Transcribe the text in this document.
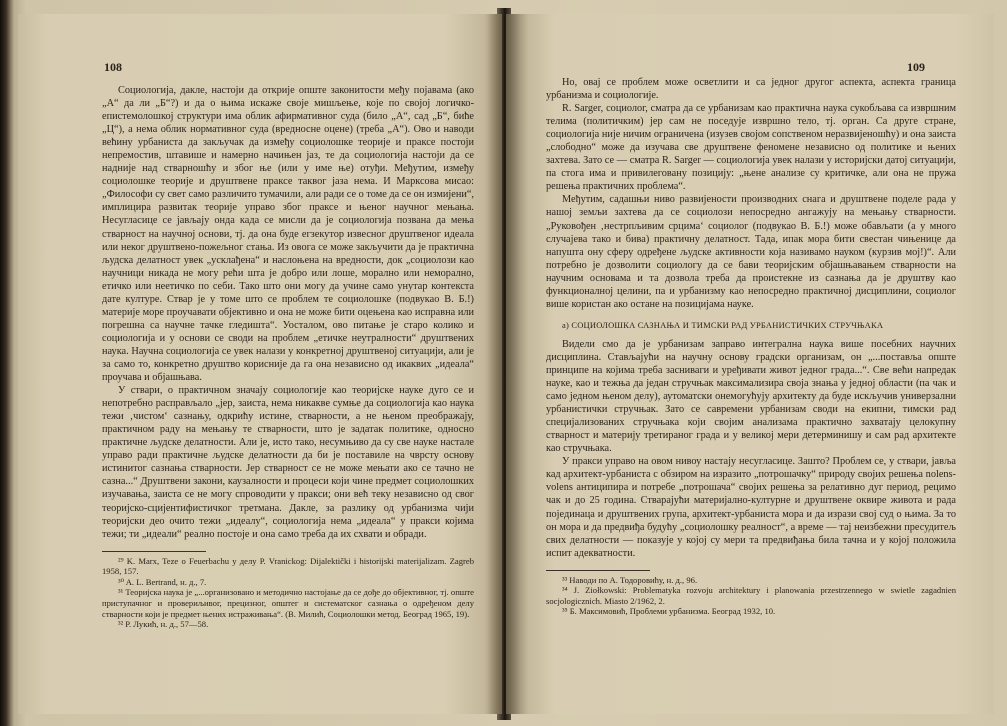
108

Социологија, дакле, настоји да открије опште законитости међу појавама (ако „А“ да ли „Б“?) и да о њима искаже своје мишљење, које по својој логичко-епистемолошкој структури има облик афирмативног суда (било „А“, сад „Б“, биће „Ц“), а нема облик нормативног суда (вредносне оцене) (треба „А“). Ово и наводи већину урбаниста да закључак да између социолошке теорије и праксе постоји непремостив, штавише и намерно начињен јаз, те да социологија настоји да се надније над стварношћу и због ње (или у име ње) отуђи. Међутим, између социолошке теорије и друштвене праксе таквог јаза нема. И Марксова мисао: „Философи су свет само различито тумачили, али ради се о томе да се он измијени“, имплицира развитак теорије управо због праксе и њеног научног мењања. Несугласице се јављају онда када се мисли да је социологија позвана да мења стварност на научној основи, тј. да она буде егзекутор извесног друштвеног идеала или неког друштвено-пожељног стања. Из овога се може закључити да је практична људска делатност увек „усклађена“ и наслоњена на вредности, док „социолози као научници никада не могу рећи шта је добро или лоше, морално или неморално, етичко или неетичко по себи. Тако што они могу да учине само унутар контекста дате културе. Ствар је у томе што се проблем те социолошке (подвукао В. Б.!) материје море проучавати објективно и она не може бити оцењена као исправна или погрешна са научне тачке гледишта“. Уосталом, ово питање је старо колико и социологија и у основи се своди на проблем „етичке неутралности“ друштвених наука. Научна социологија се увек налази у конкретној друштвеној ситуацији, али је за само то, конкретно друштво корисније да га она независно од икаквих „идеала“ проучава и објашњава.

У ствари, о практичном значају социологије као теоријске науке дуго се и непотребно расправљало „јер, заиста, нема никакве сумње да социологија као наука тежи ‚чистом‘ сазнању, одкрићу истине, стварности, а не њеном преображају, практичном раду на мењању те стварности, што је задатак политике, односно практичне људске делатности. Али је, исто тако, несумњиво да су све науке настале управо ради практичне људске делатности да би је поставиле на чврсту основу истинитог сазнања стварности. Јер стварност се не може мењати ако се тачно не сазна...“ Друштвени закони, каузалности и процеси који чине предмет социолошких изучавања, заиста се не могу спроводити у пракси; они већ теку независно од свог теоријско-сцијентифистичког третмана. Дакле, за разлику од урбанизма чији теоријски део очито тежи „идеалу“, социологија нема „идеала“ у пракси којима тежи; ти „идеали“ реално постоје и она само треба да их схвати и обради.

²⁹ K. Marx, Teze o Feuerbachu у делу P. Vranickog: Dijalektički i historijski materijalizam. Zagreb 1958, 157.

³⁰ A. L. Bertrand, н. д., 7.

³¹ Теоријска наука је „...организовано и методично настојање да се дође до објективног, тј. опште приступачног и провериљивог, прецизног, општег и систематског сазнања о одређеном делу стварности који је предмет њених истраживања“. (В. Милић, Социолошки метод. Београд 1965, 19).

³² Р. Лукић, н. д., 57—58.

109

Но, овај се проблем може осветлити и са једног другог аспекта, аспекта граница урбанизма и социологије.

R. Sarger, социолог, сматра да се урбанизам као практична наука сукобљава са извршним телима (политичким) јер сам не поседује извршно тело, тј. орган. Са друге стране, социологија није ничим ограничена (изузев својом сопственом неразвијеношћу) и она заиста „слободно“ може да изучава све друштвене феномене независно од политике и њених захтева. Зато се — сматра R. Sarger — социологија увек налази у историјски датој ситуацији, па стога има и привилеговану позицију: „њене анализе су критичке, али она не пружа решења практичних проблема“.

Међутим, садашњи ниво развијености производних снага и друштвене поделе рада у нашој земљи захтева да се социолози непосредно ангажују на мењању стварности. „Руковођен ‚нестрпљивим срцима‘ социолог (подвукао В. Б.!) може обављати (а у много случајева тако и бива) практичну делатност. Тада, ипак мора бити свестан чињенице да напушта ону сферу одређене људске активности која називамо науком (курзив мој!)“. Али потребно је дозволити социологу да се бави теоријским објашњавањем стварности на научним основама и та дозвола треба да проистекне из сазнања да је друштву као функционалној целини, па и урбанизму као непосредно практичној дисциплини, социолог више користан ако остане на позицијама науке.

а) СОЦИОЛОШКА САЗНАЊА И ТИМСКИ РАД УРБАНИСТИЧКИХ СТРУЧЊАКА

Видели смо да је урбанизам заправо интегрална наука више посебних научних дисциплина. Стављајући на научну основу градски организам, он „...поставља опште принципе на којима треба засниваги и уређивати живот једног града...“. Све већи напредак науке, као и тежња да један стручњак максимализира своја знања у једној области (па чак и само једном њеном делу), аутоматски онемогућују архитекту да буде искључив универзални урбанистички стручњак. Зато се савремени урбанизам своди на екипни, тимски рад специјализованих стручњака који својим анализама практично захватају целокупну стварност и материју третираног града и у великој мери детерминишу и сам рад архитекте као стручњака.

У пракси управо на овом нивоу настају несугласице. Зашто? Проблем се, у ствари, јавља кад архитект-урбаниста с обзиром на изразито „потрошачку“ природу својих решења nolens-volens антиципира и потребе „потрошача“ својих решења за релативно дуг период, рецимо чак и до 25 година. Стварајући материјално-културне и друштвене оквире живота и рада појединаца и друштвених група, архитект-урбаниста мора и да изрази свој суд о њима. За то он мора и да предвиђа будућу „социолошку реалност“, а време — тај неизбежни пресудитељ свих делатности — показује у којој су мери та предвиђања била тачна и у којој положила испит адекватности.

³³ Наводи по А. Тодоровићу, н. д., 96.

³⁴ J. Ziołkowski: Problematyka rozvoju architektury i planowania przestrzennego w swietle zagadnien socjologicznich. Miasto 2/1962, 2.

³⁵ Б. Максимовић, Проблеми урбанизма. Београд 1932, 10.
